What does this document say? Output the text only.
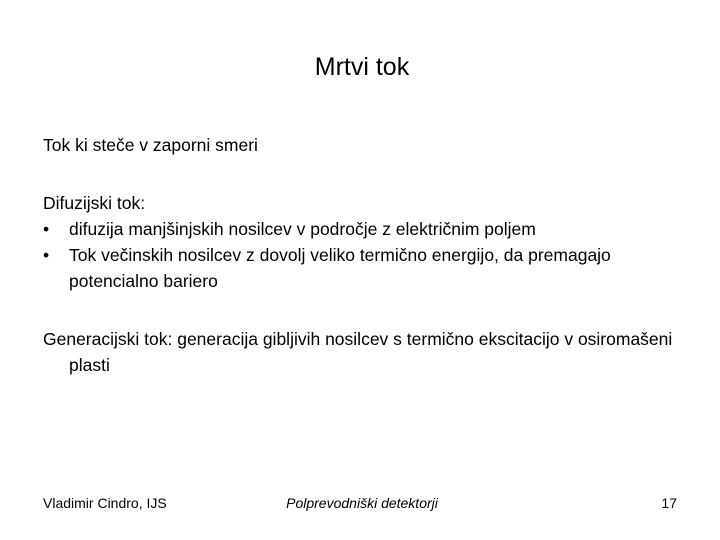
Mrtvi tok
Tok ki steče v zaporni smeri
Difuzijski tok:
•	difuzija manjšinjskih nosilcev v področje z električnim poljem
•	Tok večinskih nosilcev z dovolj veliko termično energijo, da premagajo potencialno bariero
Generacijski tok: generacija gibljivih nosilcev s termično ekscitacijo v osiromašeni plasti
Vladimir Cindro, IJS	Polprevodniški detektorji	17
